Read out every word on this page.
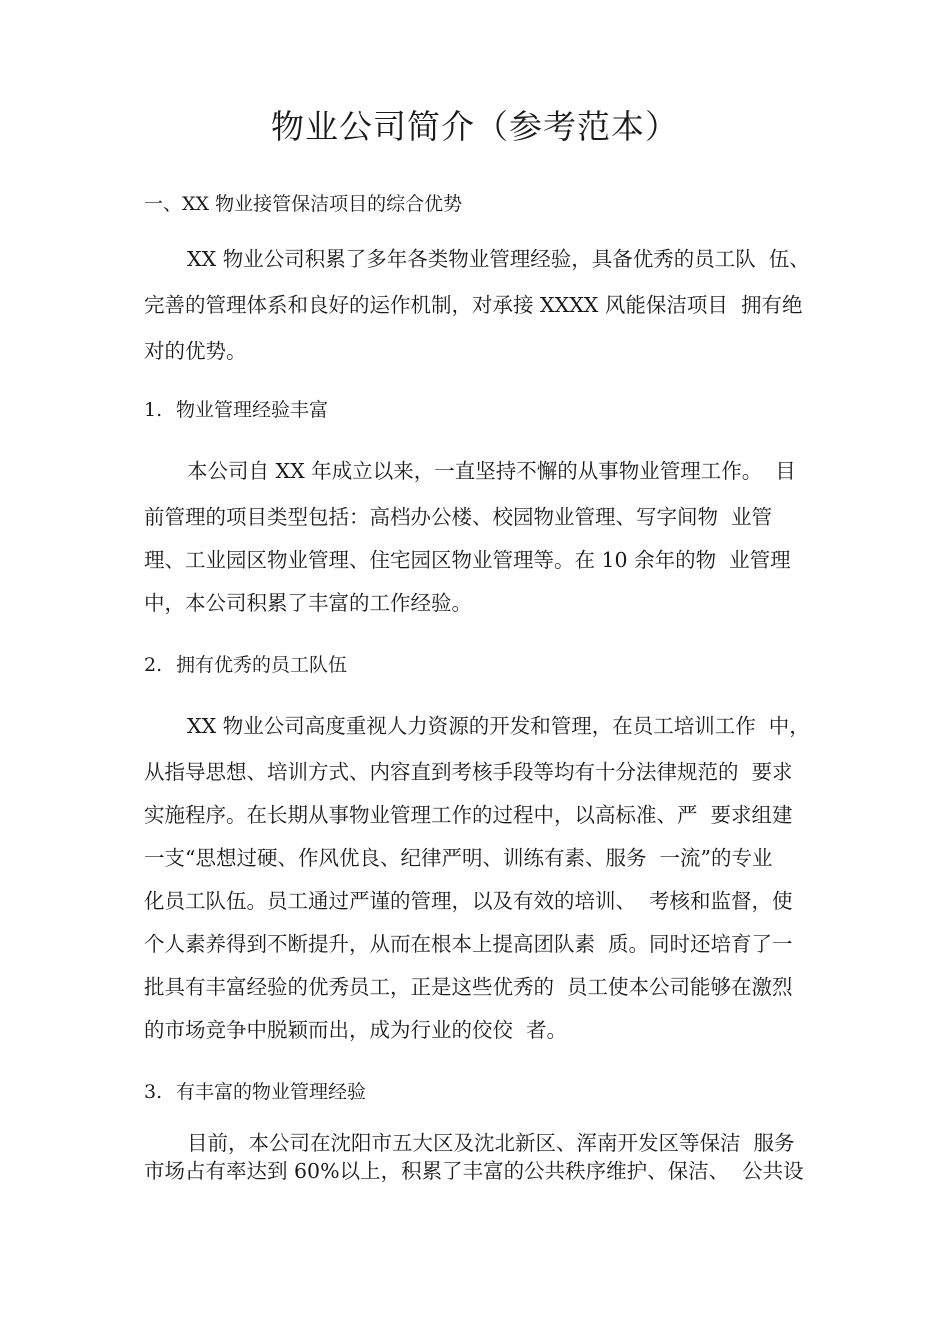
物业公司简介（参考范本）
一、XX 物业接管保洁项目的综合优势
XX 物业公司积累了多年各类物业管理经验，具备优秀的员工队  伍、
完善的管理体系和良好的运作机制，对承接 XXXX 风能保洁项目  拥有绝
对的优势。
1. 物业管理经验丰富
本公司自 XX 年成立以来，一直坚持不懈的从事物业管理工作。  目
前管理的项目类型包括：高档办公楼、校园物业管理、写字间物  业管
理、工业园区物业管理、住宅园区物业管理等。在 10 余年的物  业管理
中，本公司积累了丰富的工作经验。
2. 拥有优秀的员工队伍
XX 物业公司高度重视人力资源的开发和管理，在员工培训工作  中，
从指导思想、培训方式、内容直到考核手段等均有十分法律规范的  要求
实施程序。在长期从事物业管理工作的过程中，以高标准、严  要求组建
一支“思想过硬、作风优良、纪律严明、训练有素、服务  一流”的专业
化员工队伍。员工通过严谨的管理，以及有效的培训、  考核和监督，使
个人素养得到不断提升，从而在根本上提高团队素  质。同时还培育了一
批具有丰富经验的优秀员工，正是这些优秀的  员工使本公司能够在激烈
的市场竞争中脱颖而出，成为行业的佼佼  者。
3. 有丰富的物业管理经验
目前，本公司在沈阳市五大区及沈北新区、浑南开发区等保洁  服务
市场占有率达到 60%以上，积累了丰富的公共秩序维护、保洁、  公共设
